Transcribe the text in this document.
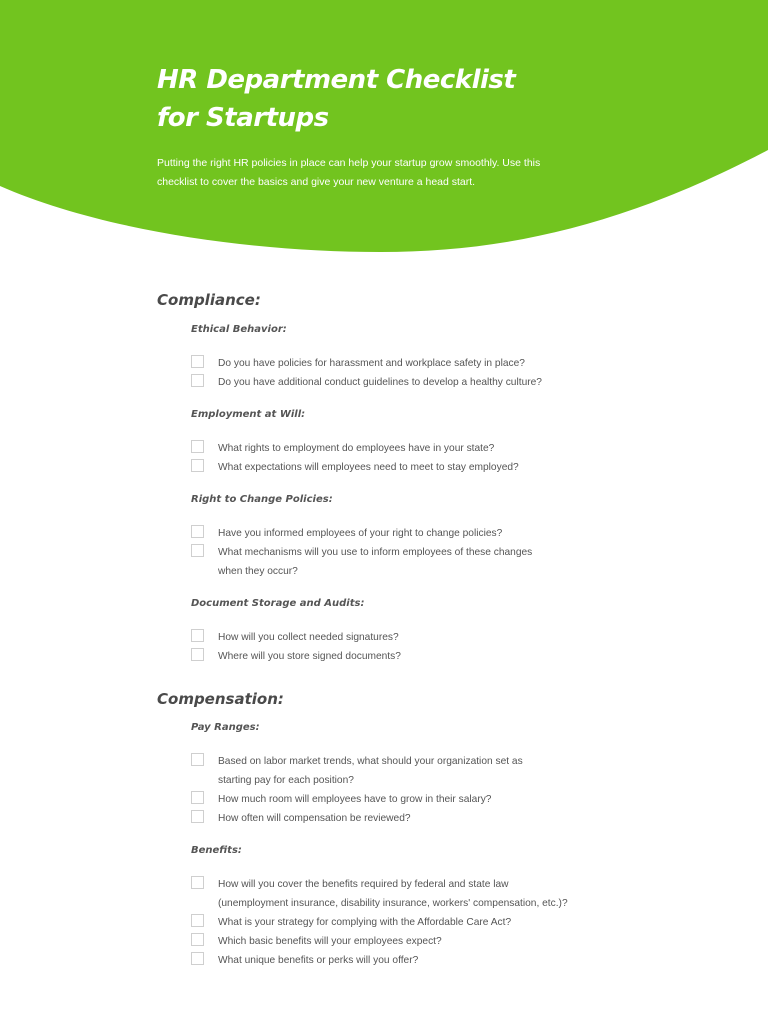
HR Department Checklist
for Startups

Putting the right HR policies in place can help your startup grow smoothly. Use this
checklist to cover the basics and give your new venture a head start.

Compliance:
Ethical Behavior:
Do you have policies for harassment and workplace safety in place?
Do you have additional conduct guidelines to develop a healthy culture?
Employment at Will:
What rights to employment do employees have in your state?
What expectations will employees need to meet to stay employed?
Right to Change Policies:
Have you informed employees of your right to change policies?
What mechanisms will you use to inform employees of these changes
when they occur?
Document Storage and Audits:
How will you collect needed signatures?
Where will you store signed documents?
Compensation:
Pay Ranges:
Based on labor market trends, what should your organization set as
starting pay for each position?
How much room will employees have to grow in their salary?
How often will compensation be reviewed?
Benefits:
How will you cover the benefits required by federal and state law
(unemployment insurance, disability insurance, workers' compensation, etc.)?
What is your strategy for complying with the Affordable Care Act?
Which basic benefits will your employees expect?
What unique benefits or perks will you offer?
